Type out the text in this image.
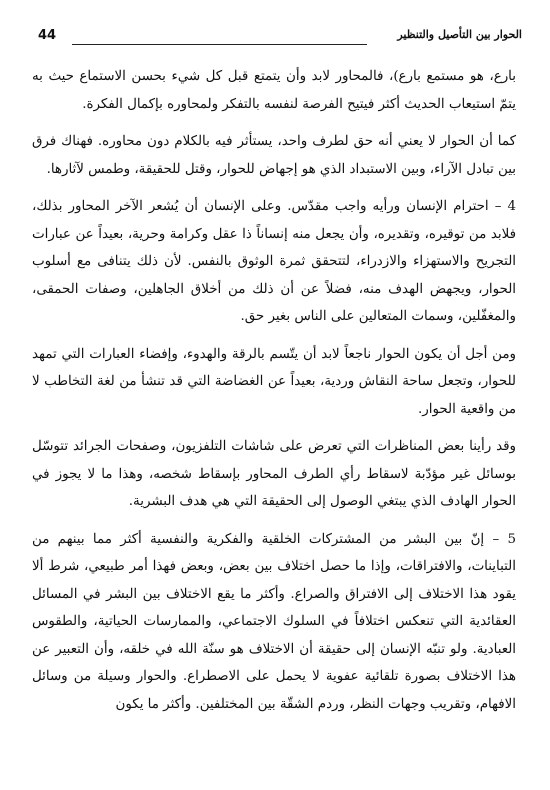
44	الحوار بين التأصيل والتنظير

بارع، هو مستمع بارع)، فالمحاور لابد وأن يتمتع قبل كل شيء بحسن الاستماع حيث به يتمّ استيعاب الحديث أكثر فيتيح الفرصة لنفسه بالتفكر ولمحاوره بإكمال الفكرة.

كما أن الحوار لا يعني أنه حق لطرف واحد، يستأثر فيه بالكلام دون محاوره. فهناك فرق بين تبادل الآراء، وبين الاستبداد الذي هو إجهاض للحوار، وقتل للحقيقة، وطمس لآثارها.

4 – احترام الإنسان ورأيه واجب مقدّس. وعلى الإنسان أن يُشعر الآخر المحاور بذلك، فلابد من توقيره، وتقديره، وأن يجعل منه إنساناً ذا عقل وكرامة وحرية، بعيداً عن عبارات التجريح والاستهزاء والازدراء، لتتحقق ثمرة الوثوق بالنفس. لأن ذلك يتنافى مع أسلوب الحوار، ويجهض الهدف منه، فضلاً عن أن ذلك من أخلاق الجاهلين، وصفات الحمقى، والمغفّلين، وسمات المتعالين على الناس بغير حق.

ومن أجل أن يكون الحوار ناجعاً لابد أن يتّسم بالرقة والهدوء، وإفضاء العبارات التي تمهد للحوار، وتجعل ساحة النقاش وردية، بعيداً عن الغضاضة التي قد تنشأ من لغة التخاطب لا من واقعية الحوار.

وقد رأينا بعض المناظرات التي تعرض على شاشات التلفزيون، وصفحات الجرائد تتوسّل بوسائل غير مؤدّبة لاسقاط رأي الطرف المحاور بإسقاط شخصه، وهذا ما لا يجوز في الحوار الهادف الذي يبتغي الوصول إلى الحقيقة التي هي هدف البشرية.

5 – إنّ بين البشر من المشتركات الخلقية والفكرية والنفسية أكثر مما بينهم من التباينات، والافتراقات، وإذا ما حصل اختلاف بين بعض، وبعض فهذا أمر طبيعي، شرط ألا يقود هذا الاختلاف إلى الافتراق والصراع. وأكثر ما يقع الاختلاف بين البشر في المسائل العقائدية التي تنعكس اختلافاً في السلوك الاجتماعي، والممارسات الحياتية، والطقوس العبادية. ولو تنبّه الإنسان إلى حقيقة أن الاختلاف هو سنّة الله في خلقه، وأن التعبير عن هذا الاختلاف بصورة تلقائية عفوية لا يحمل على الاصطراع. والحوار وسيلة من وسائل الافهام، وتقريب وجهات النظر، وردم الشقّة بين المختلفين. وأكثر ما يكون
